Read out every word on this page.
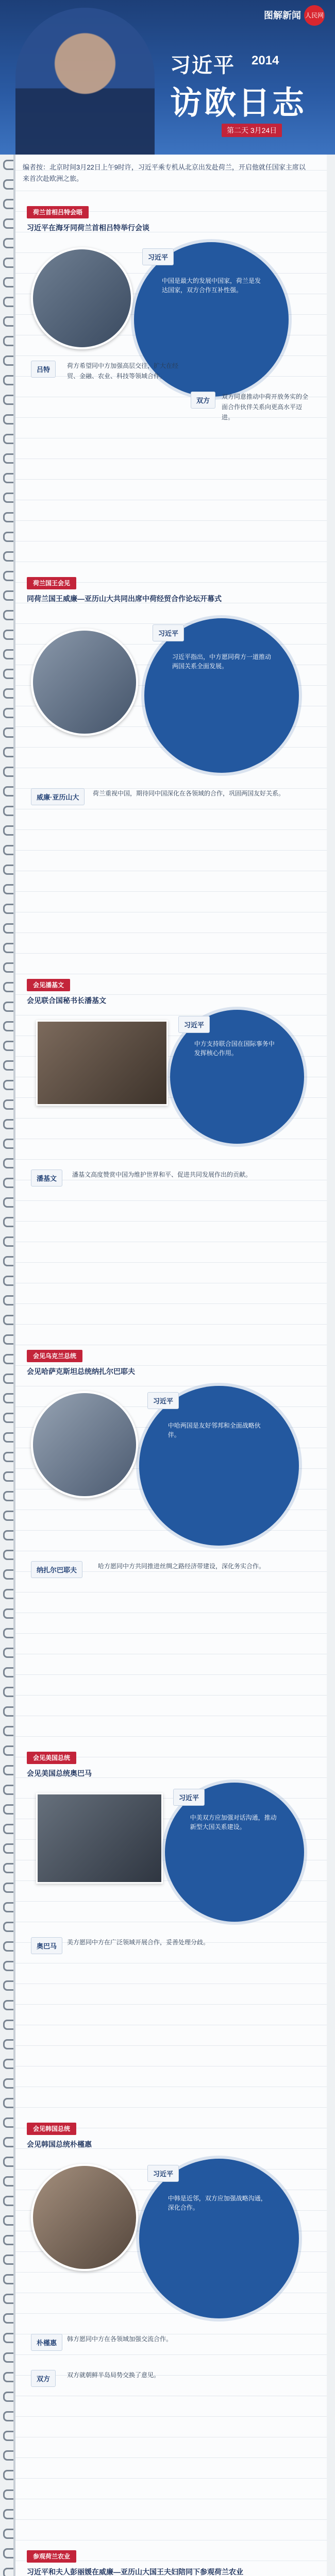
人民网
图解新闻
习近平 2014
访欧日志
第二天 3月24日
编者按：北京时间3月22日上午9时许，习近平乘专机从北京出发赴荷兰，开启他就任国家主席以来首次赴欧洲之旅。
荷兰首相吕特会晤
习近平在海牙同荷兰首相吕特举行会谈
习近平
中国是最大的发展中国家，荷兰是发达国家，双方合作互补性强。
吕特	荷方希望同中方加强高层交往，扩大在经贸、金融、农业、科技等领域合作。
双方	双方同意推动中荷开放务实的全面合作伙伴关系向更高水平迈进。
荷兰国王会见
同荷兰国王威廉—亚历山大共同出席中荷经贸合作论坛开幕式
习近平
习近平指出，中方愿同荷方一道推动两国关系全面发展。
威廉·亚历山大	荷兰重视中国，期待同中国深化在各领域的合作，巩固两国友好关系。
会见潘基文
会见联合国秘书长潘基文
习近平
中方支持联合国在国际事务中发挥核心作用。
潘基文	潘基文高度赞赏中国为维护世界和平、促进共同发展作出的贡献。
会见乌克兰总统
会见哈萨克斯坦总统纳扎尔巴耶夫
习近平
中哈两国是友好邻邦和全面战略伙伴。
纳扎尔巴耶夫	哈方愿同中方共同推进丝绸之路经济带建设，深化务实合作。
会见美国总统
会见美国总统奥巴马
习近平
中美双方应加强对话沟通，推动新型大国关系建设。
奥巴马	美方愿同中方在广泛领域开展合作，妥善处理分歧。
会见韩国总统
会见韩国总统朴槿惠
习近平
中韩是近邻，双方应加强战略沟通，深化合作。
朴槿惠	韩方愿同中方在各领域加强交流合作。
双方	双方就朝鲜半岛局势交换了意见。
参观荷兰农业
习近平和夫人彭丽媛在威廉—亚历山大国王夫妇陪同下参观荷兰农业
